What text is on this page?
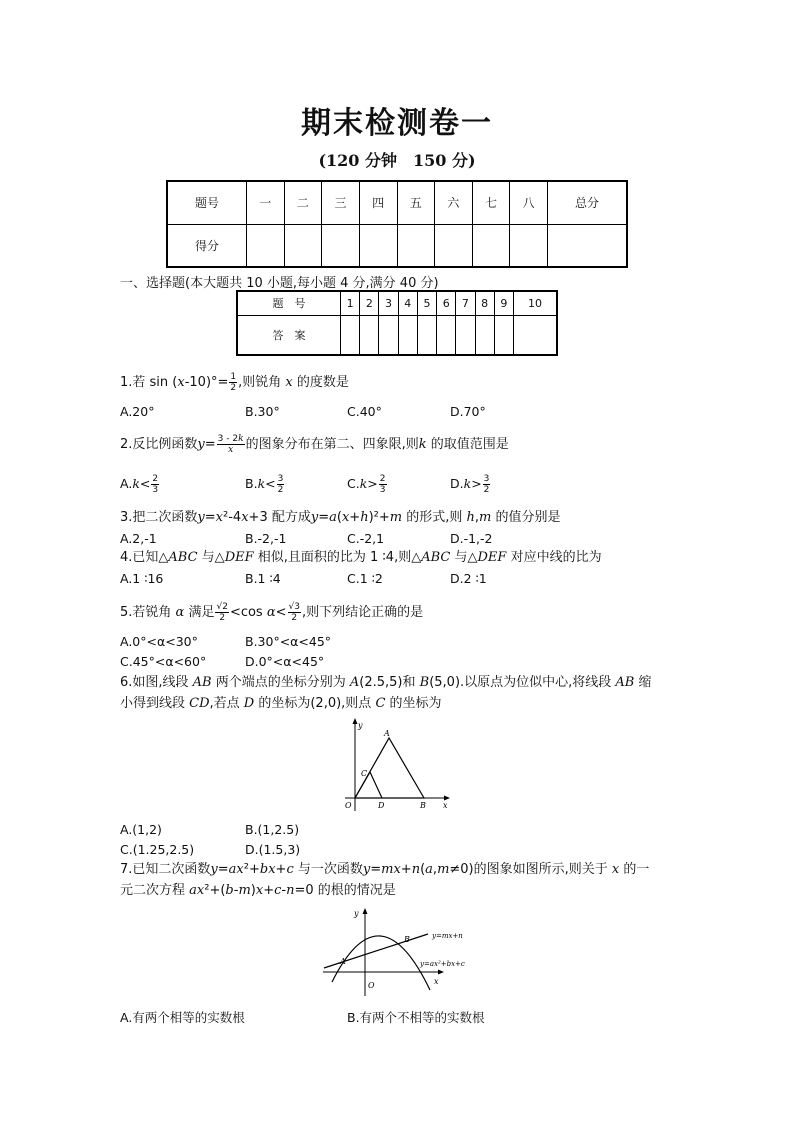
期末检测卷一
(120 分钟　150 分)
题号	一	二	三	四	五	六	七	八	总分
得分									
一、选择题(本大题共 10 小题,每小题 4 分,满分 40 分)
题　号	1	2	3	4	5	6	7	8	9	10
答　案										
1.若 $\sin (x-10)^\circ= \frac{1}{2}$ ,则锐角 x 的度数是
A.20°	B.30°	C.40°	D.70°
2.反比例函数$y= \frac{3 - 2k}{x}$ 的图象分布在第二、四象限,则k 的取值范围是
$A.k< \frac{2}{3}$	$B.k< \frac{3}{2}$	$C.k> \frac{2}{3}$	$D.k> \frac{3}{2}$
3.把二次函数y=x²-4x+3 配方成y=a(x+h)²+m 的形式,则 h,m 的值分别是
A.2,-1	B.-2,-1	C.-2,1	D.-1,-2
4.已知△ABC 与△DEF 相似,且面积的比为 1 ∶4,则△ABC 与△DEF 对应中线的比为
A.1 ∶16	B.1 ∶4	C.1 ∶2	D.2 ∶1
5.若锐角 α 满足 $\frac{√2}{2} <\cos$ $\alpha< \frac{√3}{2}$ ,则下列结论正确的是
A.0°<α<30°	B.30°<α<45°
C.45°<α<60°	D.0°<α<45°
6.如图,线段 AB 两个端点的坐标分别为 A(2.5,5)和 B(5,0).以原点为位似中心,将线段 AB 缩
小得到线段 CD,若点 D 的坐标为(2,0),则点 C 的坐标为
y
A
C
O	D	B x
A.(1,2)	B.(1,2.5)
C.(1.25,2.5)	D.(1.5,3)
7.已知二次函数y=ax²+bx+c 与一次函数y=mx+n(a,m≠0)的图象如图所示,则关于 x 的一
元二次方程 ax²+(b-m)x+c-n=0 的根的情况是
y
B	y=mx+n
A	y=ax²+bx+c
O	x
A.有两个相等的实数根	B.有两个不相等的实数根
